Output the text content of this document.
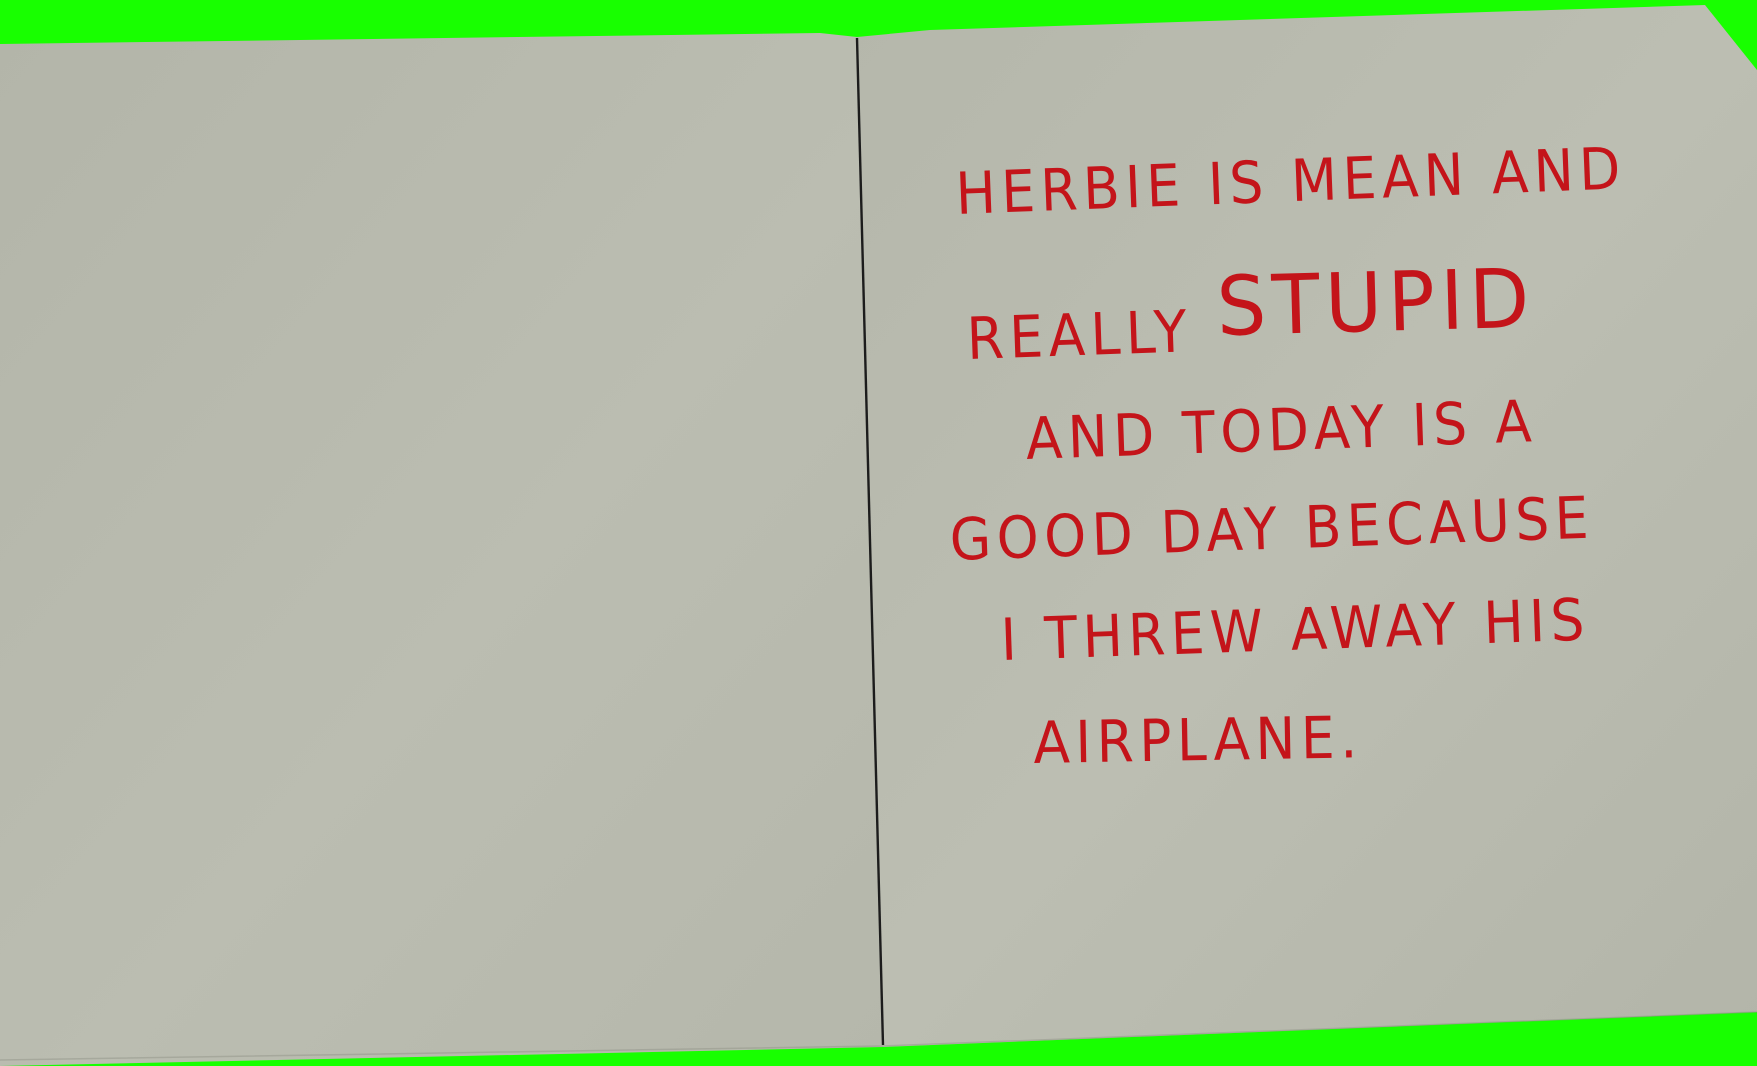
HERBIE IS MEAN AND
REALLY STUPID
AND TODAY IS A
GOOD DAY BECAUSE
I THREW AWAY HIS
AIRPLANE.
